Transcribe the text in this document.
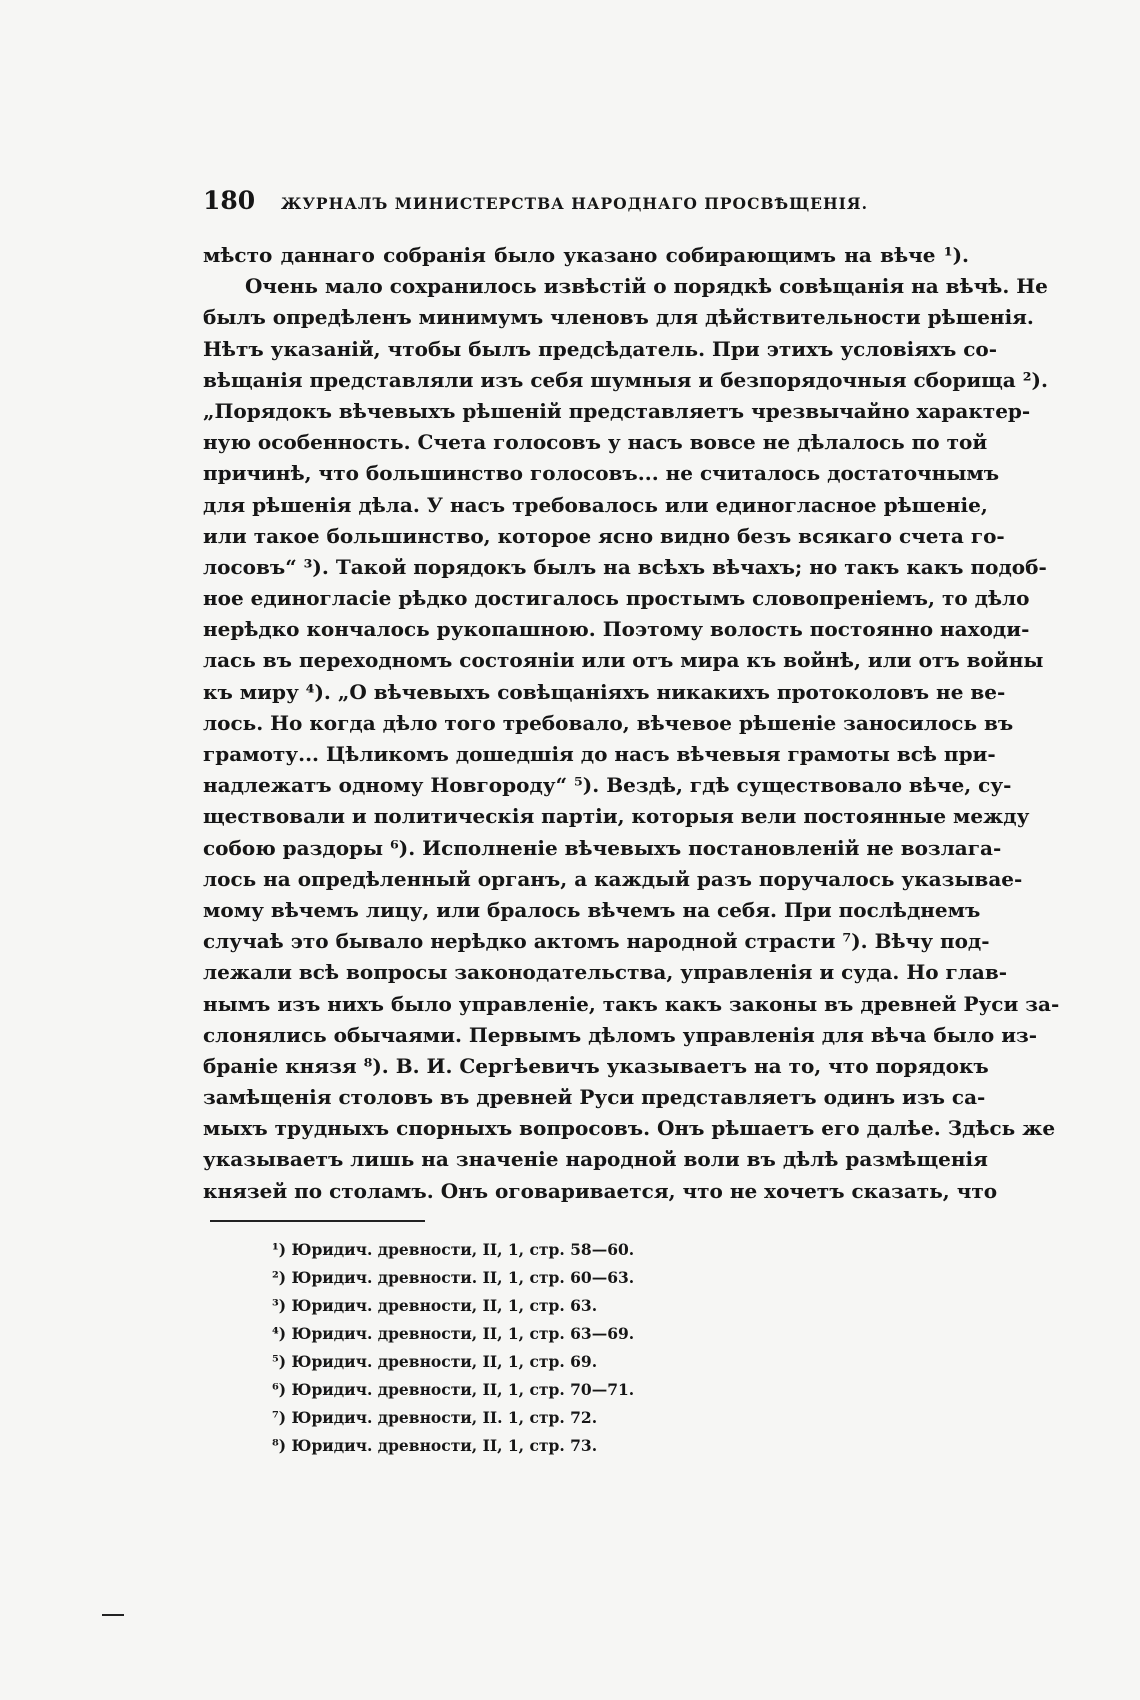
180	ЖУРНАЛЪ МИНИСТЕРСТВА НАРОДНАГО ПРОСВѢЩЕНІЯ.
мѣсто даннаго собранія было указано собирающимъ на вѣче ¹).
Очень мало сохранилось извѣстій о порядкѣ совѣщанія на вѣчѣ. Не
былъ опредѣленъ минимумъ членовъ для дѣйствительности рѣшенія.
Нѣтъ указаній, чтобы былъ предсѣдатель. При этихъ условіяхъ со-
вѣщанія представляли изъ себя шумныя и безпорядочныя сборища ²).
„Порядокъ вѣчевыхъ рѣшеній представляетъ чрезвычайно характер-
ную особенность. Счета голосовъ у насъ вовсе не дѣлалось по той
причинѣ, что большинство голосовъ... не считалось достаточнымъ
для рѣшенія дѣла. У насъ требовалось или единогласное рѣшеніе,
или такое большинство, которое ясно видно безъ всякаго счета го-
лосовъ“ ³). Такой порядокъ былъ на всѣхъ вѣчахъ; но такъ какъ подоб-
ное единогласіе рѣдко достигалось простымъ словопреніемъ, то дѣло
нерѣдко кончалось рукопашною. Поэтому волость постоянно находи-
лась въ переходномъ состояніи или отъ мира къ войнѣ, или отъ войны
къ миру ⁴). „О вѣчевыхъ совѣщаніяхъ никакихъ протоколовъ не ве-
лось. Но когда дѣло того требовало, вѣчевое рѣшеніе заносилось въ
грамоту... Цѣликомъ дошедшія до насъ вѣчевыя грамоты всѣ при-
надлежатъ одному Новгороду“ ⁵). Вездѣ, гдѣ существовало вѣче, су-
ществовали и политическія партіи, которыя вели постоянные между
собою раздоры ⁶). Исполненіе вѣчевыхъ постановленій не возлага-
лось на опредѣленный органъ, а каждый разъ поручалось указывае-
мому вѣчемъ лицу, или бралось вѣчемъ на себя. При послѣднемъ
случаѣ это бывало нерѣдко актомъ народной страсти ⁷). Вѣчу под-
лежали всѣ вопросы законодательства, управленія и суда. Но глав-
нымъ изъ нихъ было управленіе, такъ какъ законы въ древней Руси за-
слонялись обычаями. Первымъ дѣломъ управленія для вѣча было из-
браніе князя ⁸). В. И. Сергѣевичъ указываетъ на то, что порядокъ
замѣщенія столовъ въ древней Руси представляетъ одинъ изъ са-
мыхъ трудныхъ спорныхъ вопросовъ. Онъ рѣшаетъ его далѣе. Здѣсь же
указываетъ лишь на значеніе народной воли въ дѣлѣ размѣщенія
князей по столамъ. Онъ оговаривается, что не хочетъ сказать, что
¹) Юридич. древности, II, 1, стр. 58—60.
²) Юридич. древности. II, 1, стр. 60—63.
³) Юридич. древности, II, 1, стр. 63.
⁴) Юридич. древности, II, 1, стр. 63—69.
⁵) Юридич. древности, II, 1, стр. 69.
⁶) Юридич. древности, II, 1, стр. 70—71.
⁷) Юридич. древности, II. 1, стр. 72.
⁸) Юридич. древности, II, 1, стр. 73.
